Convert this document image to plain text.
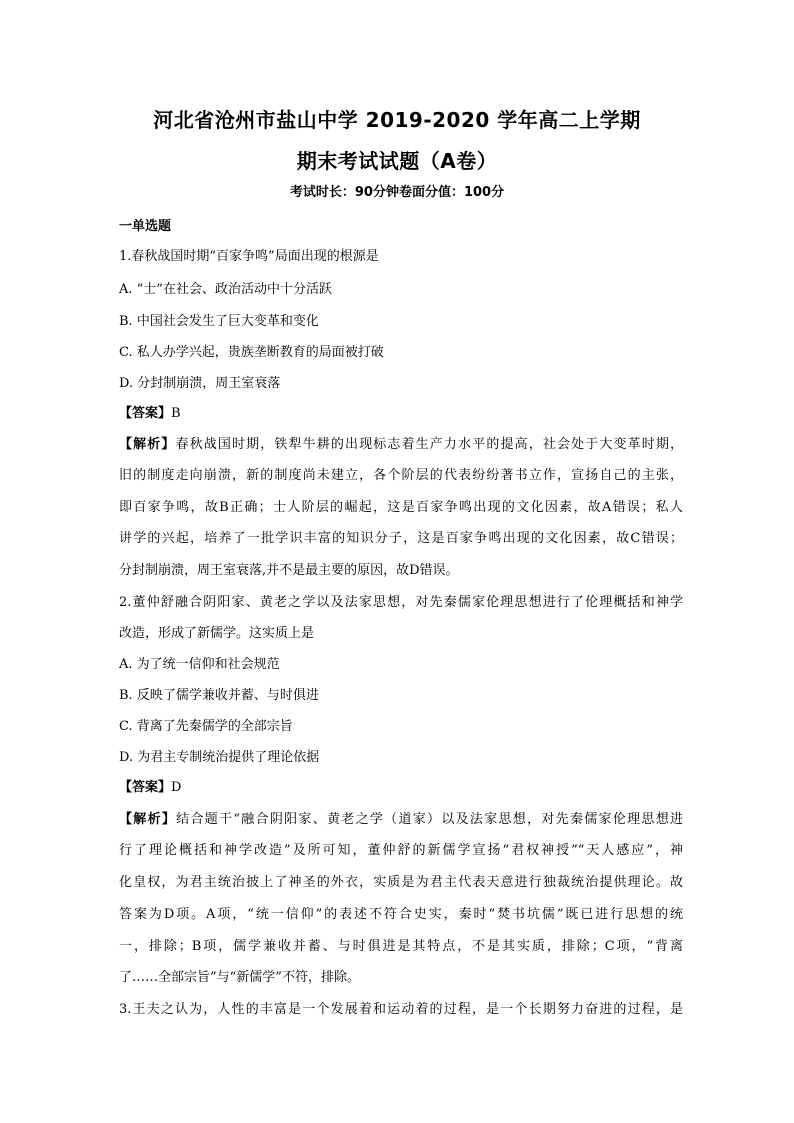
河北省沧州市盐山中学 2019-2020 学年高二上学期
期末考试试题（A卷）
考试时长：90分钟卷面分值：100分
一单选题
1.春秋战国时期“百家争鸣”局面出现的根源是
A. “士”在社会、政治活动中十分活跃
B. 中国社会发生了巨大变革和变化
C. 私人办学兴起，贵族垄断教育的局面被打破
D. 分封制崩溃，周王室衰落
【答案】B
【解析】春秋战国时期，铁犁牛耕的出现标志着生产力水平的提高，社会处于大变革时期，
旧的制度走向崩溃，新的制度尚未建立，各个阶层的代表纷纷著书立作，宣扬自己的主张，
即百家争鸣，故B正确；士人阶层的崛起，这是百家争鸣出现的文化因素，故A错误；私人
讲学的兴起，培养了一批学识丰富的知识分子，这是百家争鸣出现的文化因素，故C错误；
分封制崩溃，周王室衰落,并不是最主要的原因，故D错误。
2.董仲舒融合阴阳家、黄老之学以及法家思想，对先秦儒家伦理思想进行了伦理概括和神学
改造，形成了新儒学。这实质上是
A. 为了统一信仰和社会规范
B. 反映了儒学兼收并蓄、与时俱进
C. 背离了先秦儒学的全部宗旨
D. 为君主专制统治提供了理论依据
【答案】D
【解析】结合题干“融合阴阳家、黄老之学（道家）以及法家思想，对先秦儒家伦理思想进
行了理论概括和神学改造”及所可知，董仲舒的新儒学宣扬“君权神授”“天人感应”，神
化皇权，为君主统治披上了神圣的外衣，实质是为君主代表天意进行独裁统治提供理论。故
答案为D项。A项，“统一信仰”的表述不符合史实，秦时“焚书坑儒”既已进行思想的统
一，排除；B项，儒学兼收并蓄、与时俱进是其特点，不是其实质，排除；C项，“背离
了……全部宗旨”与“新儒学”不符，排除。
3.王夫之认为，人性的丰富是一个发展着和运动着的过程，是一个长期努力奋进的过程，是
